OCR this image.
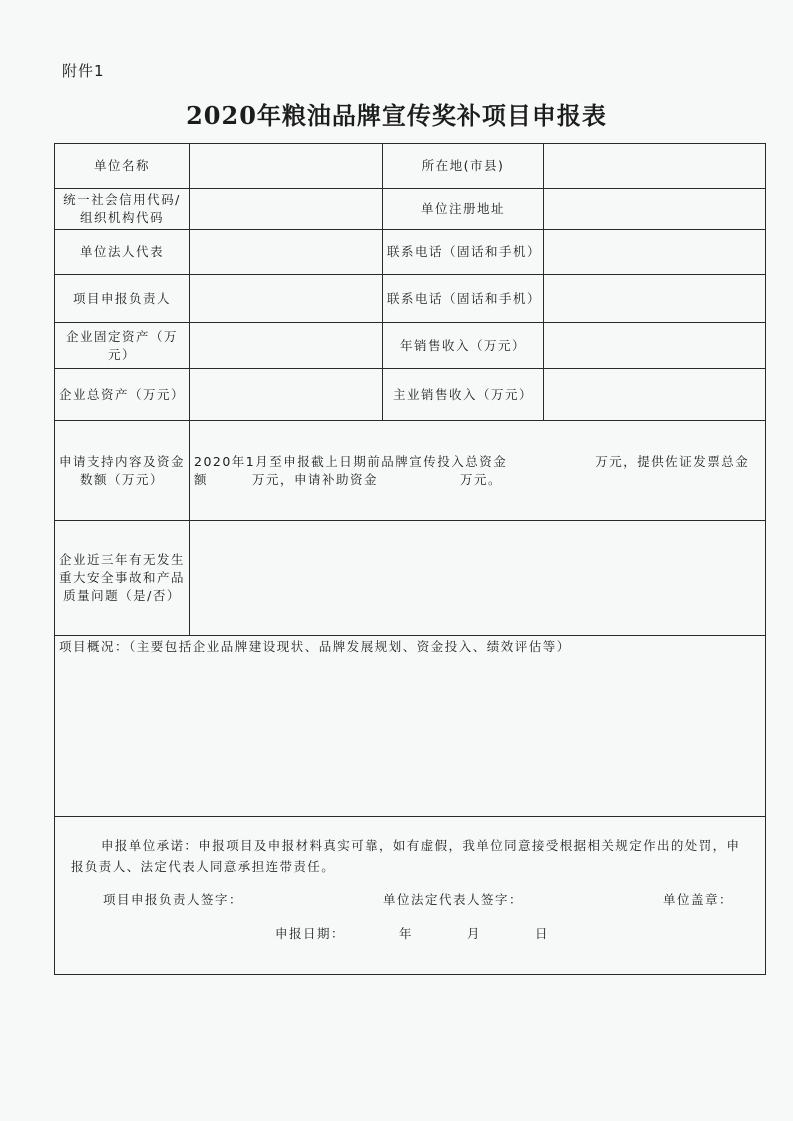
附件1
2020年粮油品牌宣传奖补项目申报表
单位名称		所在地(市县)	
统一社会信用代码/组织机构代码		单位注册地址	
单位法人代表		联系电话（固话和手机）	
项目申报负责人		联系电话（固话和手机）	
企业固定资产（万元）		年销售收入（万元）	
企业总资产（万元）		主业销售收入（万元）	
申请支持内容及资金数额（万元）	2020年1月至申报截上日期前品牌宣传投入总资金 万元，提供佐证发票总金额 万元，申请补助资金 万元。		
企业近三年有无发生重大安全事故和产品质量问题（是/否）			
项目概况：（主要包括企业品牌建设现状、品牌发展规划、资金投入、绩效评估等）			

申报单位承诺：申报项目及申报材料真实可靠，如有虚假，我单位同意接受根据相关规定作出的处罚，申报负责人、法定代表人同意承担连带责任。
项目申报负责人签字： 单位法定代表人签字： 单位盖章：
申报日期： 年 月 日			
